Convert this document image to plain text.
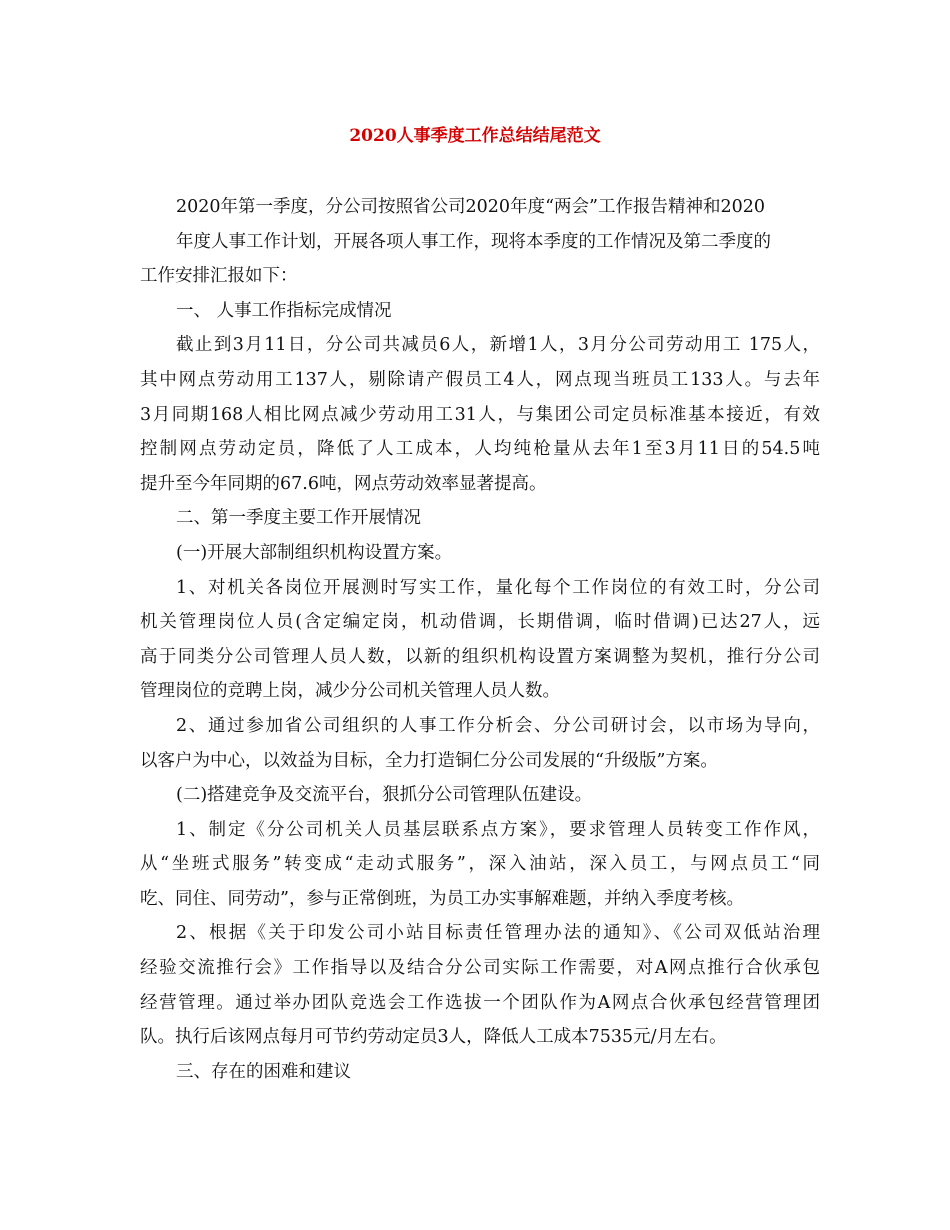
2020人事季度工作总结结尾范文
2020年第一季度，分公司按照省公司2020年度“两会”工作报告精神和2020
年度人事工作计划，开展各项人事工作，现将本季度的工作情况及第二季度的
工作安排汇报如下：
一、 人事工作指标完成情况
截止到3月11日，分公司共减员6人，新增1人，3月分公司劳动用工 175人，
其中网点劳动用工137人，剔除请产假员工4人，网点现当班员工133人。与去年
3月同期168人相比网点减少劳动用工31人，与集团公司定员标准基本接近，有效
控制网点劳动定员，降低了人工成本，人均纯枪量从去年1至3月11日的54.5吨
提升至今年同期的67.6吨，网点劳动效率显著提高。
二、第一季度主要工作开展情况
(一)开展大部制组织机构设置方案。
1、对机关各岗位开展测时写实工作，量化每个工作岗位的有效工时，分公司
机关管理岗位人员(含定编定岗，机动借调，长期借调，临时借调)已达27人，远
高于同类分公司管理人员人数，以新的组织机构设置方案调整为契机，推行分公司
管理岗位的竞聘上岗，减少分公司机关管理人员人数。
2、通过参加省公司组织的人事工作分析会、分公司研讨会，以市场为导向，
以客户为中心，以效益为目标，全力打造铜仁分公司发展的“升级版”方案。
(二)搭建竞争及交流平台，狠抓分公司管理队伍建设。
1、制定《分公司机关人员基层联系点方案》，要求管理人员转变工作作风，
从“坐班式服务”转变成“走动式服务”，深入油站，深入员工，与网点员工“同
吃、同住、同劳动”，参与正常倒班，为员工办实事解难题，并纳入季度考核。
2、根据《关于印发公司小站目标责任管理办法的通知》、《公司双低站治理
经验交流推行会》工作指导以及结合分公司实际工作需要，对A网点推行合伙承包
经营管理。通过举办团队竞选会工作选拔一个团队作为A网点合伙承包经营管理团
队。执行后该网点每月可节约劳动定员3人，降低人工成本7535元/月左右。
三、存在的困难和建议
